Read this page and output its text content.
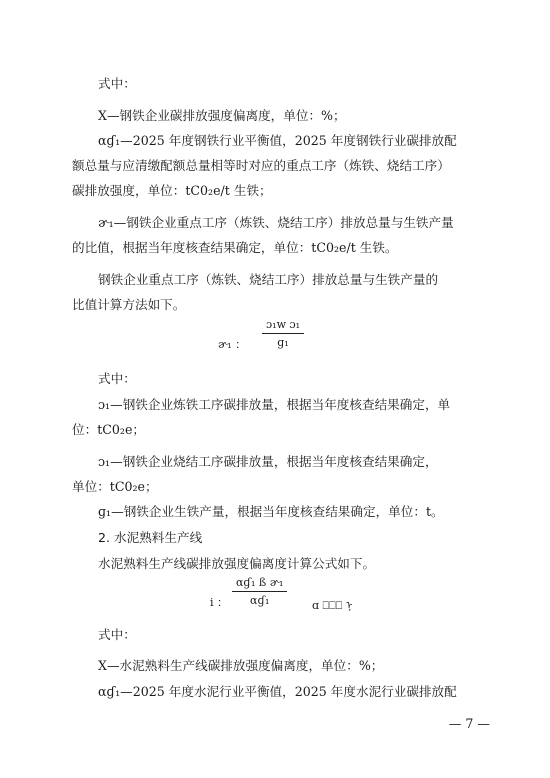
式中：
X—钢铁企业碳排放强度偏离度，单位：%；
αɠ₁—2025 年度钢铁行业平衡值，2025 年度钢铁行业碳排放配
额总量与应清缴配额总量相等时对应的重点工序（炼铁、烧结工序）
碳排放强度，单位：tC0₂e/t 生铁；
ɚ₁—钢铁企业重点工序（炼铁、烧结工序）排放总量与生铁产量
的比值，根据当年度核查结果确定，单位：tC0₂e/t 生铁。
钢铁企业重点工序（炼铁、烧结工序）排放总量与生铁产量的
比值计算方法如下。
ɚ₁ ： $\frac{\text{ɔ₁w ɔ₁}}{\text{ɡ₁}}$
式中：
ɔ₁—钢铁企业炼铁工序碳排放量，根据当年度核查结果确定，单
位：tC0₂e；
ɔ₁—钢铁企业烧结工序碳排放量，根据当年度核查结果确定，
单位：tC0₂e；
ɡ₁—钢铁企业生铁产量，根据当年度核查结果确定，单位：t。
2. 水泥熟料生产线
水泥熟料生产线碳排放强度偏离度计算公式如下。
i ： $\frac{\text{αɠ₁ ß ɚ₁}}{\text{αɠ₁}}$ ɑ ⎕⎕⎕ ᠨ
式中：
X—水泥熟料生产线碳排放强度偏离度，单位：%；
αɠ₁—2025 年度水泥行业平衡值，2025 年度水泥行业碳排放配
— 7 —
